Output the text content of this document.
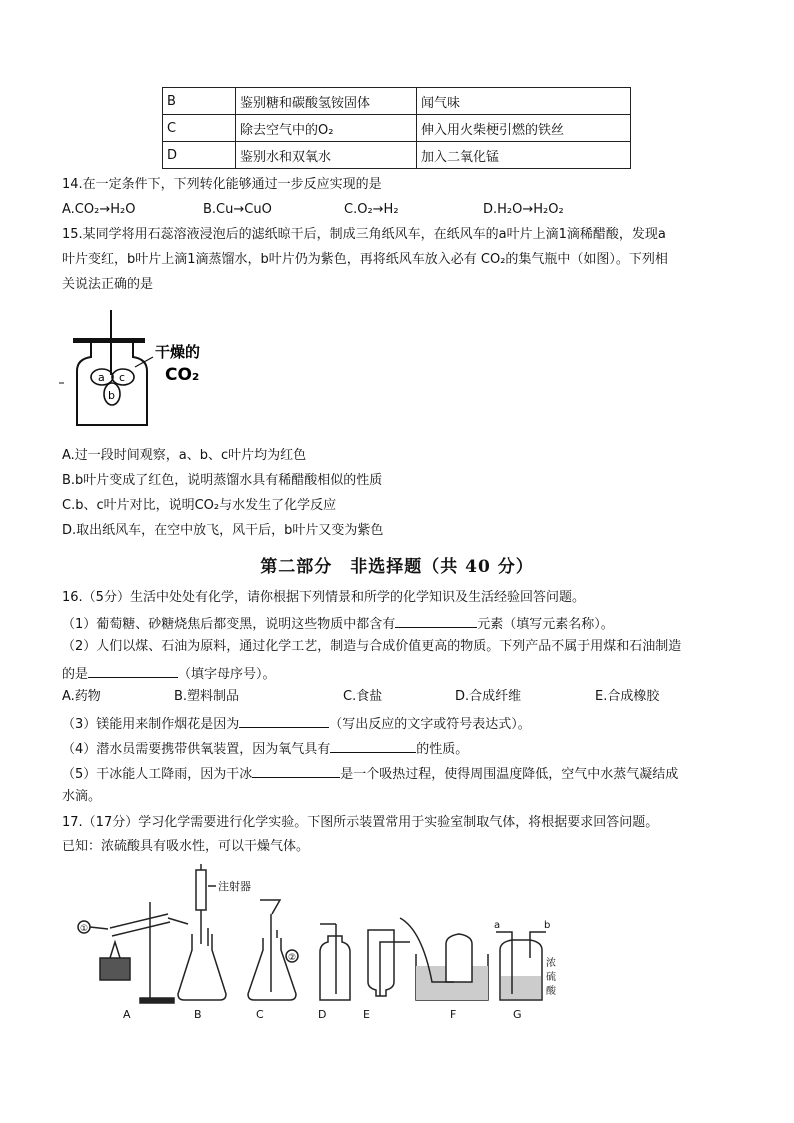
B	鉴别糖和碳酸氢铵固体	闻气味
C	除去空气中的O₂	伸入用火柴梗引燃的铁丝
D	鉴别水和双氧水	加入二氧化锰
14.在一定条件下，下列转化能够通过一步反应实现的是
A.CO₂→H₂O	B.Cu→CuO	C.O₂→H₂	D.H₂O→H₂O₂
15.某同学将用石蕊溶液浸泡后的滤纸晾干后，制成三角纸风车，在纸风车的a叶片上滴1滴稀醋酸，发现a
叶片变红，b叶片上滴1滴蒸馏水，b叶片仍为紫色，再将纸风车放入必有 CO₂的集气瓶中（如图）。下列相
关说法正确的是
a c
b
干燥的
CO₂
A.过一段时间观察，a、b、c叶片均为红色
B.b叶片变成了红色，说明蒸馏水具有稀醋酸相似的性质
C.b、c叶片对比，说明CO₂与水发生了化学反应
D.取出纸风车，在空中放飞，风干后，b叶片又变为紫色
第二部分　非选择题（共 40 分）
16.（5分）生活中处处有化学，请你根据下列情景和所学的化学知识及生活经验回答问题。
（1）葡萄糖、砂糖烧焦后都变黑，说明这些物质中都含有	元素（填写元素名称）。
（2）人们以煤、石油为原料，通过化学工艺，制造与合成价值更高的物质。下列产品不属于用煤和石油制造
的是	（填字母序号）。
A.药物	B.塑料制品	C.食盐	D.合成纤维	E.合成橡胶
（3）镁能用来制作烟花是因为	（写出反应的文字或符号表达式）。
（4）潜水员需要携带供氧装置，因为氧气具有	的性质。
（5）干冰能人工降雨，因为干冰	是一个吸热过程，使得周围温度降低，空气中水蒸气凝结成
水滴。
17.（17分）学习化学需要进行化学实验。下图所示装置常用于实验室制取气体，将根据要求回答问题。
已知：浓硫酸具有吸水性，可以干燥气体。
①
②
注射器
a	b
浓
硫
酸
A	B	C	D	E	F	G
